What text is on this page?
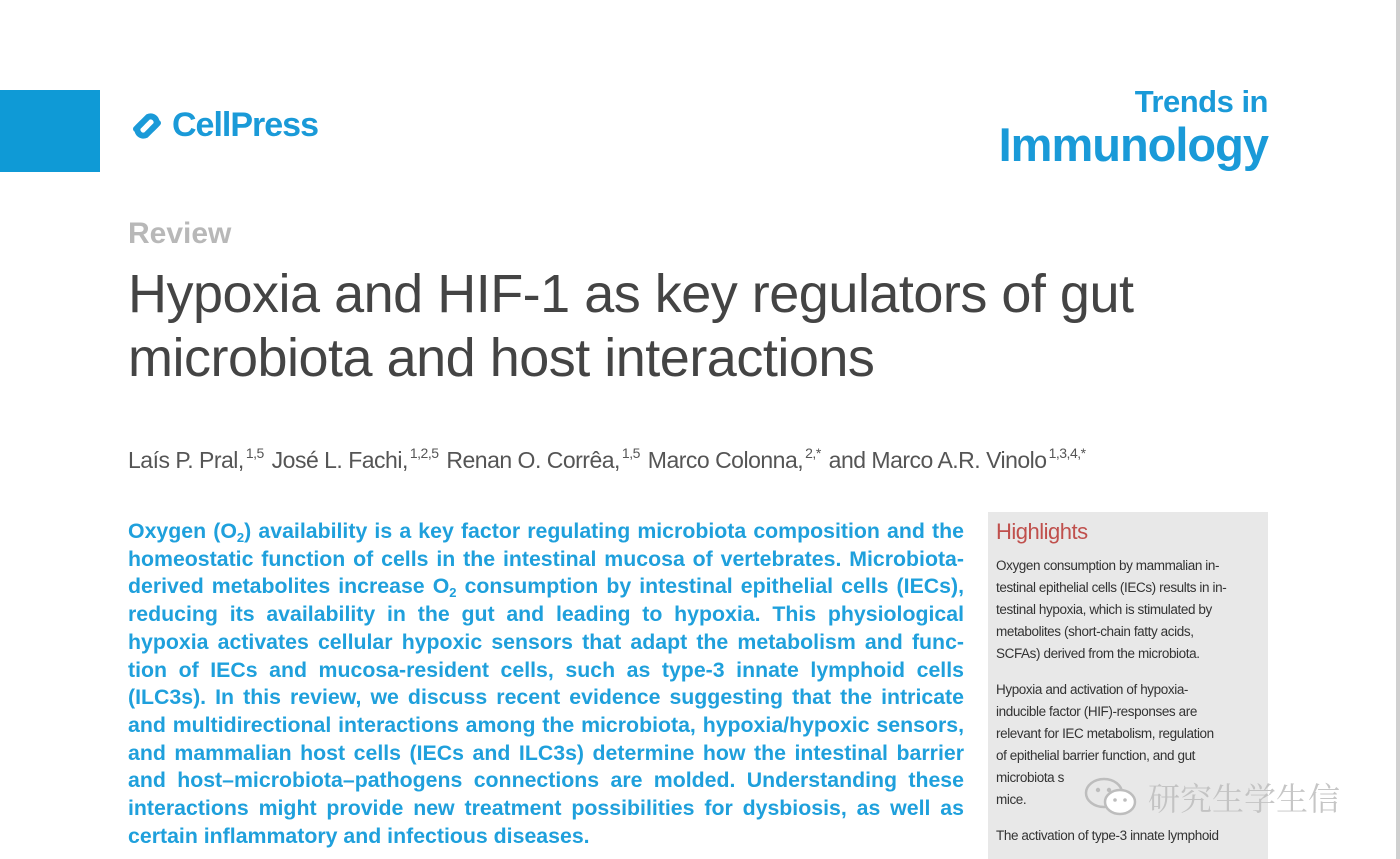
CellPress
Trends in
Immunology
Review
Hypoxia and HIF-1 as key regulators of gut
microbiota and host interactions
Laís P. Pral, $^{1,5}$ José L. Fachi, $^{1,2,5}$ Renan O. Corrêa, $^{1,5}$ Marco Colonna, $^{2,*}$ and Marco A.R. Vinolo $^{1,3,4,*}$
Oxygen $(O_2)$ availability is a key factor regulating microbiota composition and the
homeostatic function of cells in the intestinal mucosa of vertebrates. Microbiota-
derived metabolites increase $O_2$ consumption by intestinal epithelial cells (IECs),
reducing its availability in the gut and leading to hypoxia. This physiological
hypoxia activates cellular hypoxic sensors that adapt the metabolism and func-
tion of IECs and mucosa-resident cells, such as type-3 innate lymphoid cells
(ILC3s). In this review, we discuss recent evidence suggesting that the intricate
and multidirectional interactions among the microbiota, hypoxia/hypoxic sensors,
and mammalian host cells (IECs and ILC3s) determine how the intestinal barrier
and host–microbiota–pathogens connections are molded. Understanding these
interactions might provide new treatment possibilities for dysbiosis, as well as
certain inflammatory and infectious diseases.
Highlights
Oxygen consumption by mammalian in-
testinal epithelial cells (IECs) results in in-
testinal hypoxia, which is stimulated by
metabolites (short-chain fatty acids,
SCFAs) derived from the microbiota.
Hypoxia and activation of hypoxia-
inducible factor (HIF)-responses are
relevant for IEC metabolism, regulation
of epithelial barrier function, and gut
microbiota s
mice.
The activation of type-3 innate lymphoid
研究生学生信
